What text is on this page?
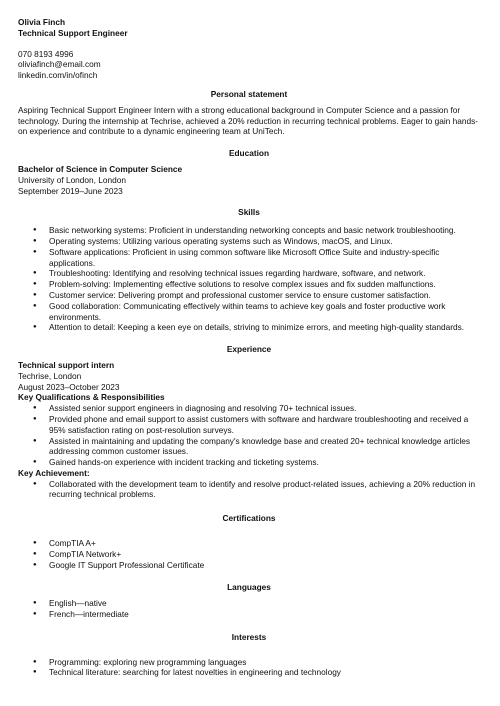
Olivia Finch
Technical Support Engineer
070 8193 4996
oliviafinch@email.com
linkedin.com/in/ofinch
Personal statement

Aspiring Technical Support Engineer Intern with a strong educational background in Computer Science and a passion for technology. During the internship at Techrise, achieved a 20% reduction in recurring technical problems. Eager to gain hands-on experience and contribute to a dynamic engineering team at UniTech.

Education
Bachelor of Science in Computer Science
University of London, London
September 2019–June 2023
Skills
● Basic networking systems: Proficient in understanding networking concepts and basic network troubleshooting.
● Operating systems: Utilizing various operating systems such as Windows, macOS, and Linux.
● Software applications: Proficient in using common software like Microsoft Office Suite and industry-specific applications.
● Troubleshooting: Identifying and resolving technical issues regarding hardware, software, and network.
● Problem-solving: Implementing effective solutions to resolve complex issues and fix sudden malfunctions.
● Customer service: Delivering prompt and professional customer service to ensure customer satisfaction.
● Good collaboration: Communicating effectively within teams to achieve key goals and foster productive work environments.
● Attention to detail: Keeping a keen eye on details, striving to minimize errors, and meeting high-quality standards.
Experience
Technical support intern
Techrise, London
August 2023–October 2023
Key Qualifications & Responsibilities
● Assisted senior support engineers in diagnosing and resolving 70+ technical issues.
● Provided phone and email support to assist customers with software and hardware troubleshooting and received a 95% satisfaction rating on post-resolution surveys.
● Assisted in maintaining and updating the company's knowledge base and created 20+ technical knowledge articles addressing common customer issues.
● Gained hands-on experience with incident tracking and ticketing systems.
Key Achievement:
● Collaborated with the development team to identify and resolve product-related issues, achieving a 20% reduction in recurring technical problems.
Certifications
● CompTIA A+
● CompTIA Network+
● Google IT Support Professional Certificate
Languages
● English—native
● French—intermediate
Interests
● Programming: exploring new programming languages
● Technical literature: searching for latest novelties in engineering and technology
